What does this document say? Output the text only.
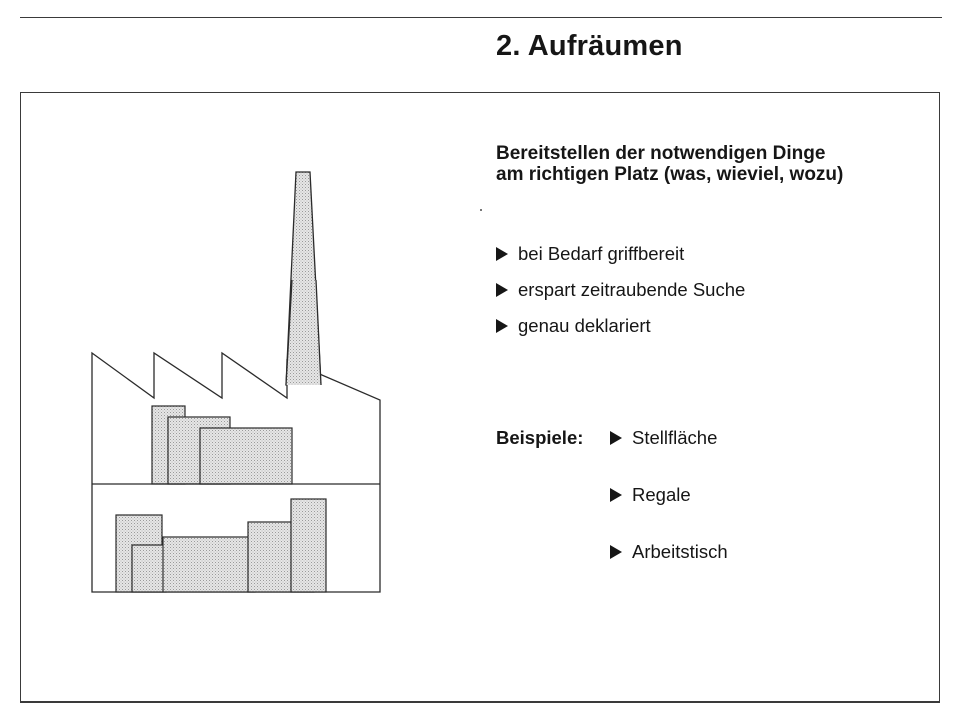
2. Aufräumen
Bereitstellen der notwendigen Dinge
am richtigen Platz (was, wieviel, wozu)
bei Bedarf griffbereit
erspart zeitraubende Suche
genau deklariert
Beispiele:	Stellfläche
Regale
Arbeitstisch
